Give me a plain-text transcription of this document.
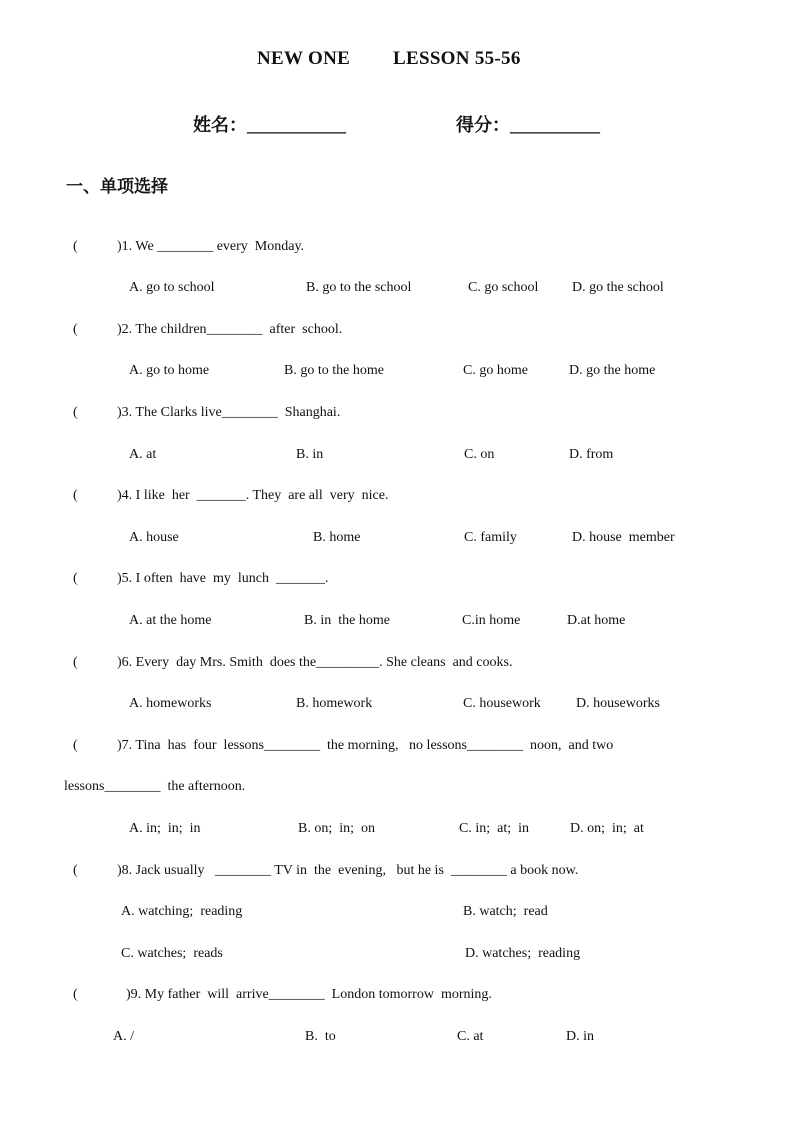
NEW ONE LESSON 55-56
姓名：___________	得分：__________
一、单项选择
(	)1. We ________ every  Monday.
A. go to school	B. go to the school	C. go school D. go the school
(	)2. The children________  after  school.
A. go to home	B. go to the home	C. go home	D. go the home
(	)3. The Clarks live________  Shanghai.
A. at	B. in	C. on	D. from
(	)4. I like  her  _______. They  are all  very  nice.
A. house	B. home	C. family	D. house  member
(	)5. I often  have  my  lunch  _______.
A. at the home	B. in  the home	C.in home	D.at home
(	)6. Every  day Mrs. Smith  does the_________. She cleans  and cooks.
A. homeworks	B. homework	C. housework	D. houseworks
(	)7. Tina  has  four  lessons________  the morning,   no lessons________  noon,  and two
lessons________  the afternoon.
A. in;  in;  in	B. on;  in;  on	C. in;  at;  in	D. on;  in;  at
(	)8. Jack usually   ________ TV in  the  evening,   but he is  ________ a book now.
A. watching;  reading	B. watch;  read
C. watches;  reads	D. watches;  reading
(	)9. My father  will  arrive________  London tomorrow  morning.
A. /	B.  to	C. at	D. in
